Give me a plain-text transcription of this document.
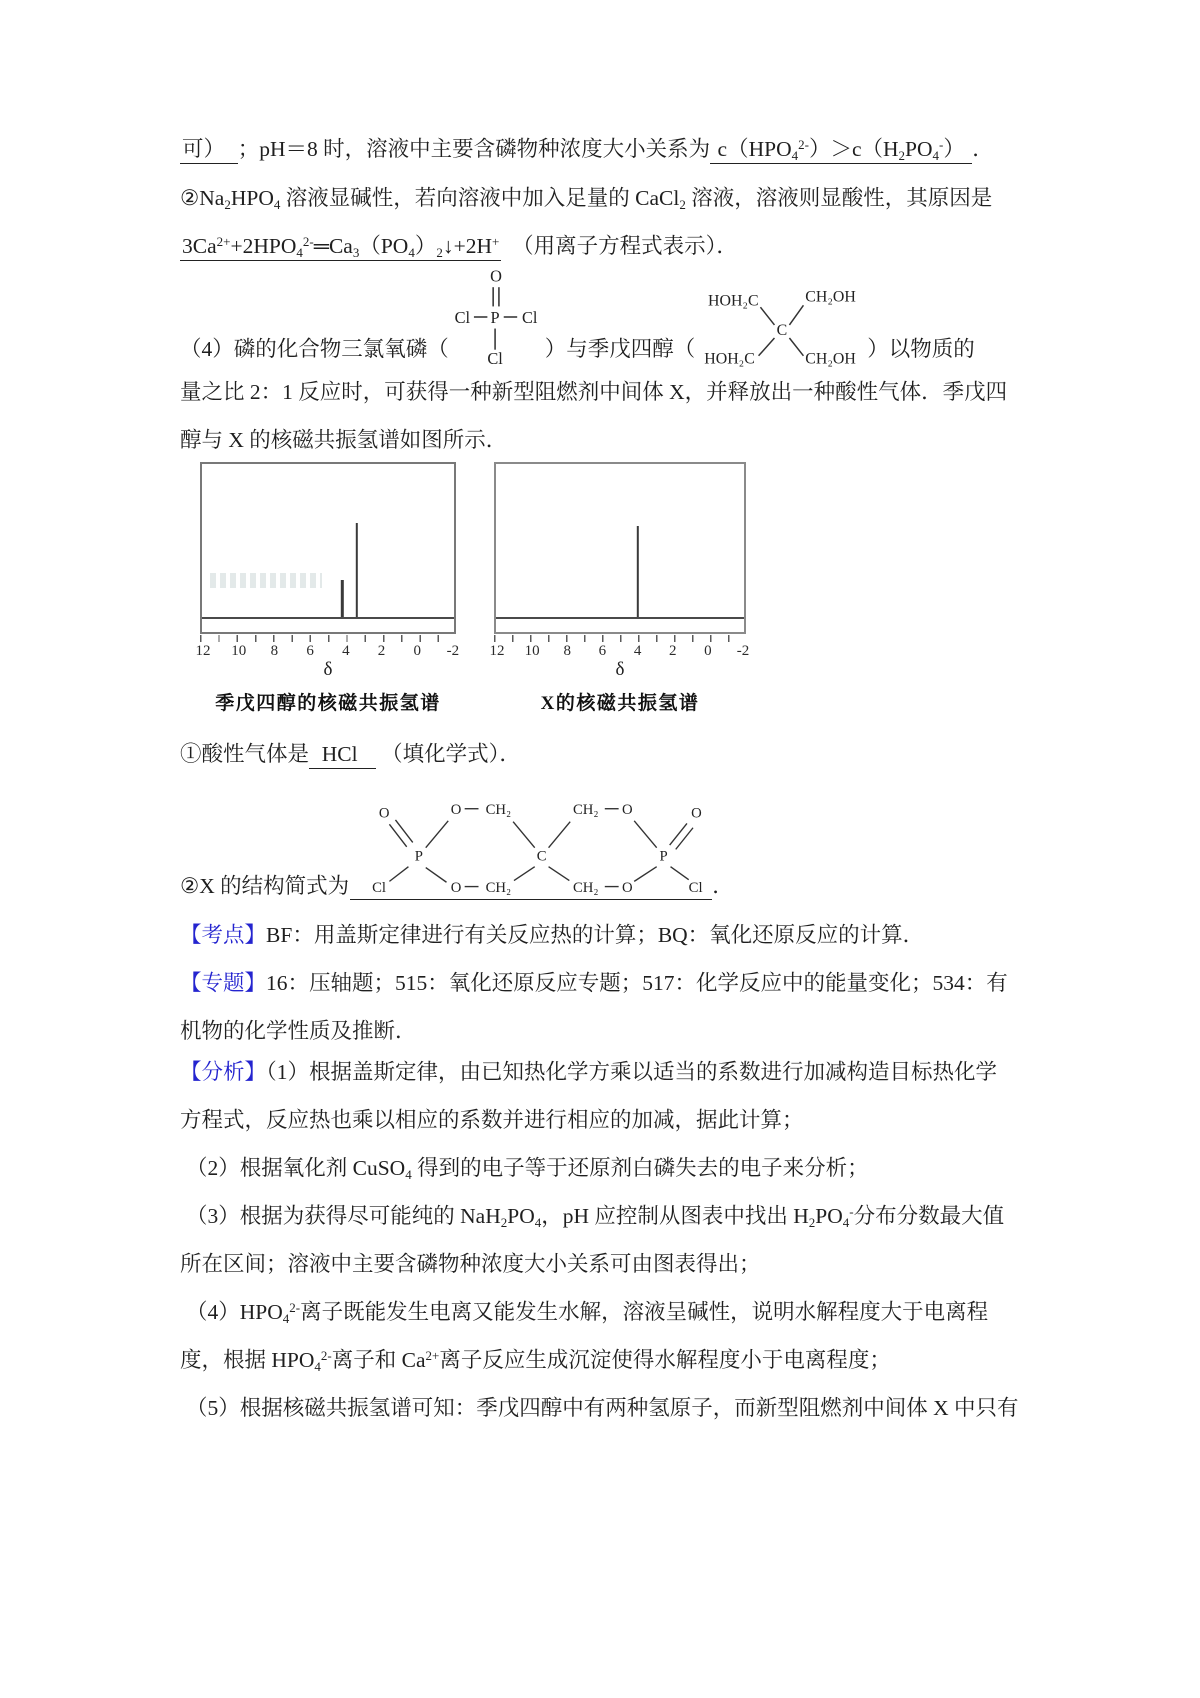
可）  ；pH＝8 时，溶液中主要含磷物种浓度大小关系为 $c(HPO_4^{2-})>c(H_2PO_4^-)$ ．

$②Na_2HPO_4$ 溶液显碱性，若向溶液中加入足量的 CaCl$_2$ 溶液，溶液则显酸性，其原因是

$3Ca^{2+}+2HPO_4^{2-}═Ca_3(PO_4)_2↓+2H^+$　（用离子方程式表示）．

（4）磷的化合物三氯氧磷（
O
Cl P Cl
Cl ）与季戊四醇（
HOH₂C	CH₂OH
C
HOH₂C	CH₂OH ）以物质的

量之比 2：1 反应时，可获得一种新型阻燃剂中间体 X，并释放出一种酸性气体．季戊四

醇与 X 的核磁共振氢谱如图所示．

12 10	8	6	4	2	0	-2
δ
季戊四醇的核磁共振氢谱
12 10	8	6	4	2	0	-2
δ
X的核磁共振氢谱

①酸性气体是  HCl    （填化学式）．

②X 的结构简式为
O
P
Cl
O CH₂
C
CH₂ O
P
O
Cl
O CH₂	CH₂ O	．

【考点】BF：用盖斯定律进行有关反应热的计算；BQ：氧化还原反应的计算．

【专题】16：压轴题；515：氧化还原反应专题；517：化学反应中的能量变化；534：有

机物的化学性质及推断．

【分析】（1）根据盖斯定律，由已知热化学方乘以适当的系数进行加减构造目标热化学

方程式，反应热也乘以相应的系数并进行相应的加减，据此计算；

（2）根据氧化剂 CuSO$_4$ 得到的电子等于还原剂白磷失去的电子来分析；

（3）根据为获得尽可能纯的 $NaH_2PO_4$，pH 应控制从图表中找出 $H_2PO_4^-$分布分数最大值

所在区间；溶液中主要含磷物种浓度大小关系可由图表得出；

$(4)HPO_4^{2-}$离子既能发生电离又能发生水解，溶液呈碱性，说明水解程度大于电离程

度，根据 $HPO_4^{2-}$离子和 $Ca^{2+}$离子反应生成沉淀使得水解程度小于电离程度；

（5）根据核磁共振氢谱可知：季戊四醇中有两种氢原子，而新型阻燃剂中间体 X 中只有
